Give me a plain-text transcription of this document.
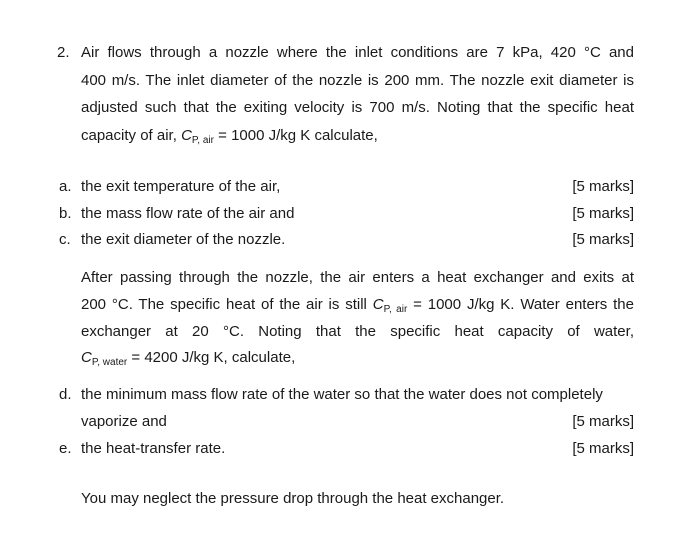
2. Air flows through a nozzle where the inlet conditions are 7 kPa, 420 °C and
400 m/s. The inlet diameter of the nozzle is 200 mm. The nozzle exit diameter is
adjusted such that the exiting velocity is 700 m/s. Noting that the specific heat
capacity of air, $C_{P, air} = 1000$ J/kg K calculate,
a. the exit temperature of the air,	[5 marks]
b. the mass flow rate of the air and	[5 marks]
c. the exit diameter of the nozzle.	[5 marks]
After passing through the nozzle, the air enters a heat exchanger and exits at
200 °C. The specific heat of the air is still $C_{P, air} = 1000$ J/kg K. Water enters the
exchanger at 20 °C. Noting that the specific heat capacity of water,
$C_{P, water} = 4200$ J/kg K, calculate,
d. the minimum mass flow rate of the water so that the water does not completely
vaporize and	[5 marks]
e. the heat-transfer rate.	[5 marks]
You may neglect the pressure drop through the heat exchanger.
